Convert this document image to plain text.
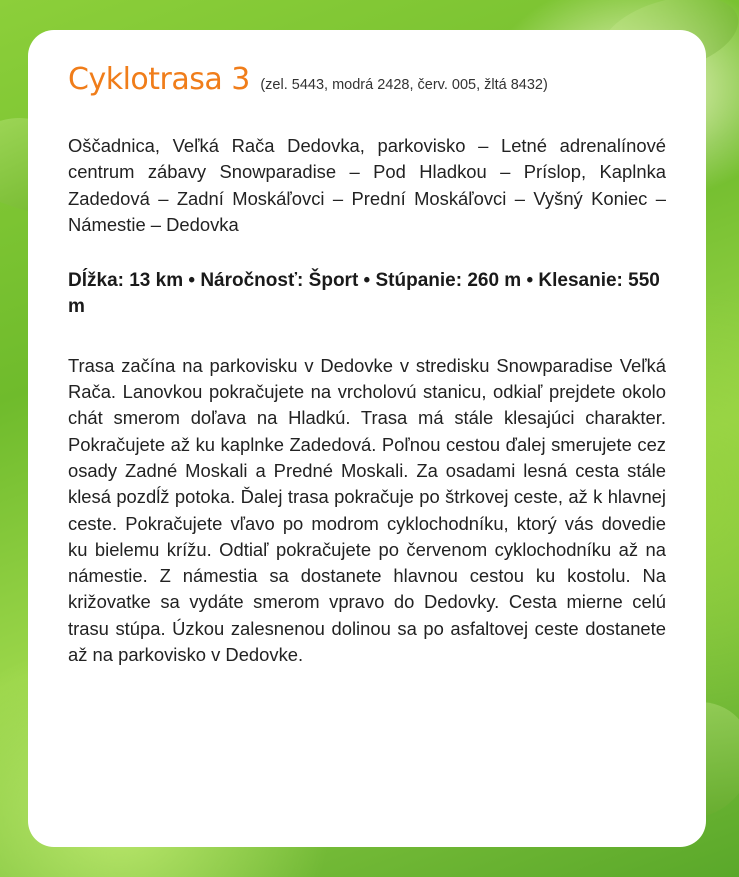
Cyklotrasa 3 (zel. 5443, modrá 2428, červ. 005, žltá 8432)

Oščadnica, Veľká Rača Dedovka, parkovisko – Letné adrenalínové centrum zábavy Snowparadise – Pod Hladkou – Príslop, Kaplnka Zadedová – Zadní Moskáľovci – Prední Moskáľovci – Vyšný Koniec – Námestie – Dedovka

Dĺžka: 13 km • Náročnosť: Šport • Stúpanie: 260 m • Klesanie: 550 m

Trasa začína na parkovisku v Dedovke v stredisku Snowparadise Veľká Rača. Lanovkou pokračujete na vrcholovú stanicu, odkiaľ prejdete okolo chát smerom doľava na Hladkú. Trasa má stále klesajúci charakter. Pokračujete až ku kaplnke Zadedová. Poľnou cestou ďalej smerujete cez osady Zadné Moskali a Predné Moskali. Za osadami lesná cesta stále klesá pozdĺž potoka. Ďalej trasa pokračuje po štrkovej ceste, až k hlavnej ceste. Pokračujete vľavo po modrom cyklochodníku, ktorý vás dovedie ku bielemu krížu. Odtiaľ pokračujete po červenom cyklochodníku až na námestie. Z námestia sa dostanete hlavnou cestou ku kostolu. Na križovatke sa vydáte smerom vpravo do Dedovky. Cesta mierne celú trasu stúpa. Úzkou zalesnenou dolinou sa po asfaltovej ceste dostanete až na parkovisko v Dedovke.
